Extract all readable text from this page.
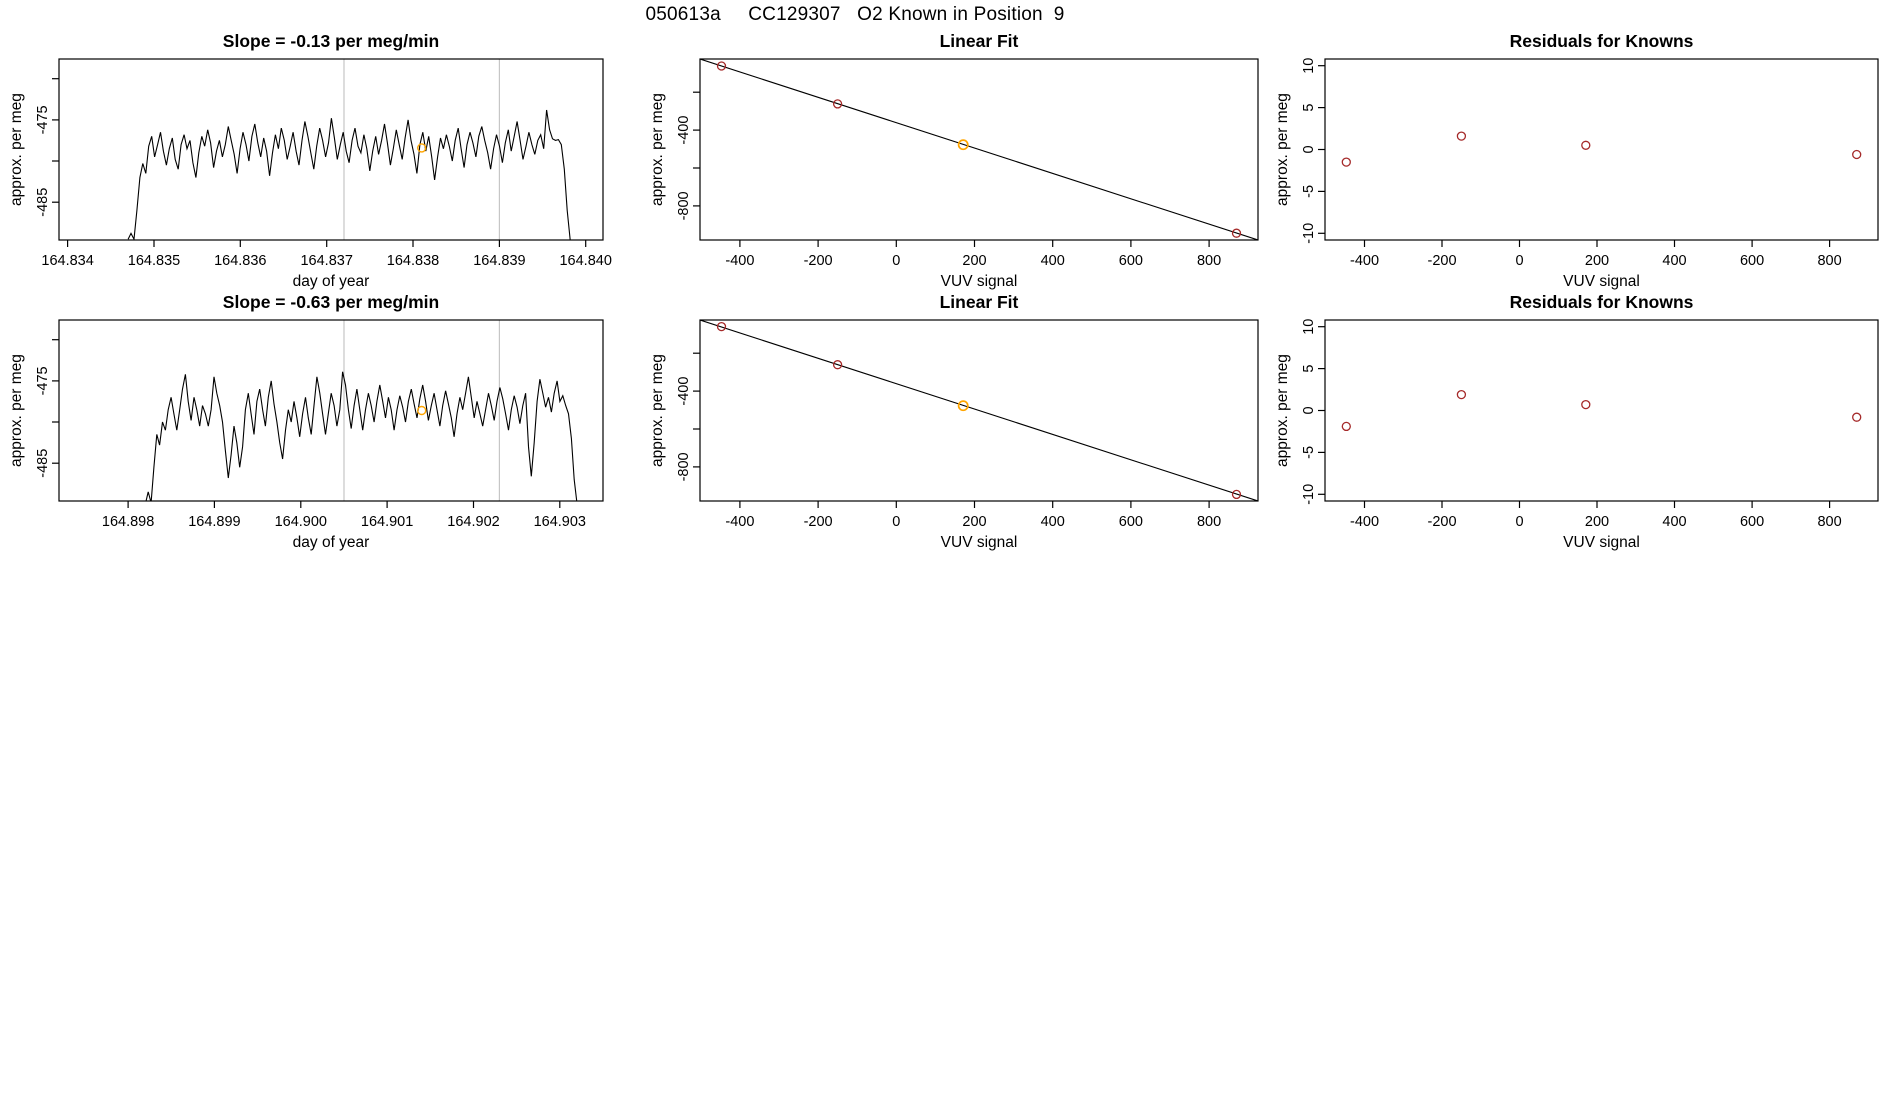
050613a     CC129307   O2 Known in Position  9
164.834 164.835 164.836 164.837 164.838 164.839 164.840
-475
-485
day of year
approx. per meg
Slope = -0.13 per meg/min
-400	-200	0	200	400	600	800
-400
-800
VUV signal
approx. per meg
Linear Fit
-400	-200	0	200	400	600	800
-10
-5
0
5
10
VUV signal
approx. per meg
Residuals for Knowns
164.898 164.899 164.900 164.901 164.902 164.903
-475
-485
day of year
approx. per meg
Slope = -0.63 per meg/min
-400	-200	0	200	400	600	800
-400
-800
VUV signal
approx. per meg
Linear Fit
-400	-200	0	200	400	600	800
-10
-5
0
5
10
VUV signal
approx. per meg
Residuals for Knowns
